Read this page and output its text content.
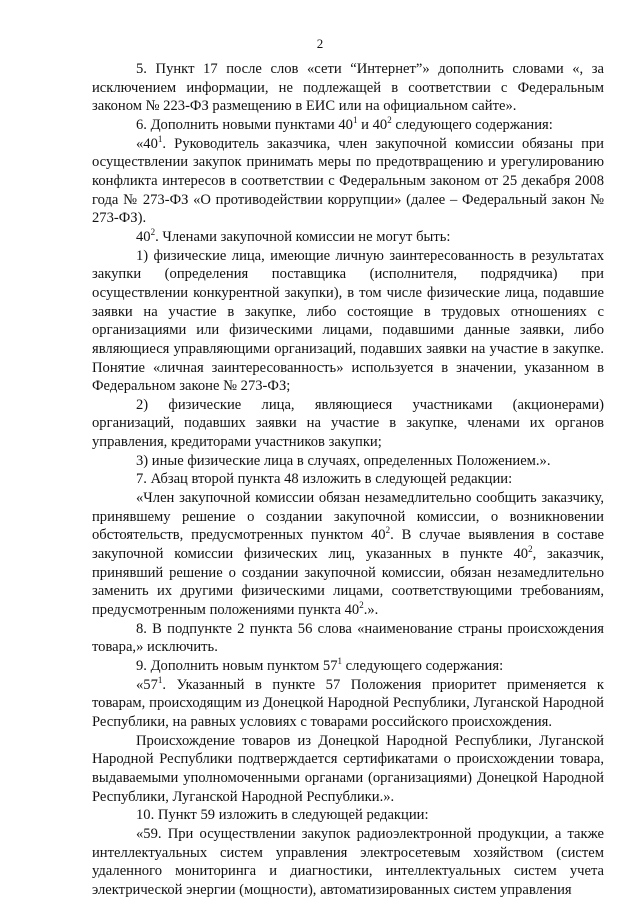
2

5. Пункт 17 после слов «сети “Интернет”» дополнить словами «, за исключением информации, не подлежащей в соответствии с Федеральным законом № 223-ФЗ размещению в ЕИС или на официальном сайте».

6. Дополнить новыми пунктами $40^1$ и $40^2$ следующего содержания:

«$40^1$. Руководитель заказчика, член закупочной комиссии обязаны при осуществлении закупок принимать меры по предотвращению и урегулированию конфликта интересов в соответствии с Федеральным законом от 25 декабря 2008 года № 273-ФЗ «О противодействии коррупции» (далее – Федеральный закон № 273-ФЗ).

$40^2$. Членами закупочной комиссии не могут быть:

1) физические лица, имеющие личную заинтересованность в результатах закупки (определения поставщика (исполнителя, подрядчика) при осуществлении конкурентной закупки), в том числе физические лица, подавшие заявки на участие в закупке, либо состоящие в трудовых отношениях с организациями или физическими лицами, подавшими данные заявки, либо являющиеся управляющими организаций, подавших заявки на участие в закупке. Понятие «личная заинтересованность» используется в значении, указанном в Федеральном законе № 273-ФЗ;

2) физические лица, являющиеся участниками (акционерами) организаций, подавших заявки на участие в закупке, членами их органов управления, кредиторами участников закупки;

3) иные физические лица в случаях, определенных Положением.».

7. Абзац второй пункта 48 изложить в следующей редакции:

«Член закупочной комиссии обязан незамедлительно сообщить заказчику, принявшему решение о создании закупочной комиссии, о возникновении обстоятельств, предусмотренных пунктом $40^2$. В случае выявления в составе закупочной комиссии физических лиц, указанных в пункте $40^2$, заказчик, принявший решение о создании закупочной комиссии, обязан незамедлительно заменить их другими физическими лицами, соответствующими требованиям, предусмотренным положениями пункта $40^2$.».

8. В подпункте 2 пункта 56 слова «наименование страны происхождения товара,» исключить.

9. Дополнить новым пунктом $57^1$ следующего содержания:

«$57^1$. Указанный в пункте 57 Положения приоритет применяется к товарам, происходящим из Донецкой Народной Республики, Луганской Народной Республики, на равных условиях с товарами российского происхождения.

Происхождение товаров из Донецкой Народной Республики, Луганской Народной Республики подтверждается сертификатами о происхождении товара, выдаваемыми уполномоченными органами (организациями) Донецкой Народной Республики, Луганской Народной Республики.».

10. Пункт 59 изложить в следующей редакции:

«59. При осуществлении закупок радиоэлектронной продукции, а также интеллектуальных систем управления электросетевым хозяйством (систем удаленного мониторинга и диагностики, интеллектуальных систем учета электрической энергии (мощности), автоматизированных систем управления
